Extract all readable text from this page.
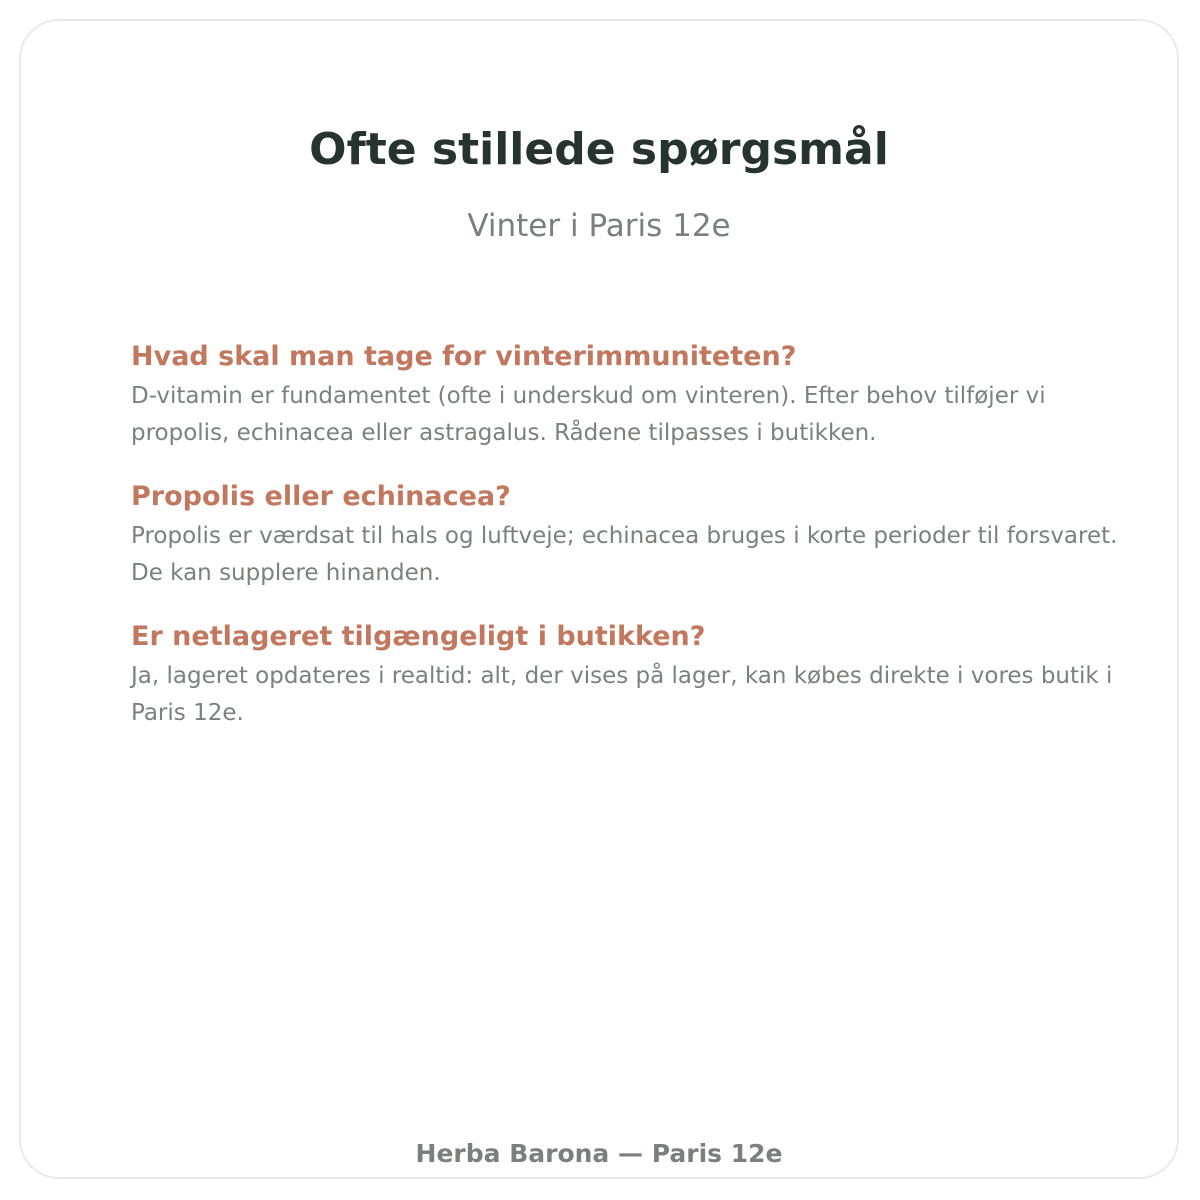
Ofte stillede spørgsmål

Vinter i Paris 12e

Hvad skal man tage for vinterimmuniteten?

D-vitamin er fundamentet (ofte i underskud om vinteren). Efter behov tilføjer vi propolis, echinacea eller astragalus. Rådene tilpasses i butikken.

Propolis eller echinacea?

Propolis er værdsat til hals og luftveje; echinacea bruges i korte perioder til forsvaret. De kan supplere hinanden.

Er netlageret tilgængeligt i butikken?

Ja, lageret opdateres i realtid: alt, der vises på lager, kan købes direkte i vores butik i Paris 12e.

Herba Barona — Paris 12e
